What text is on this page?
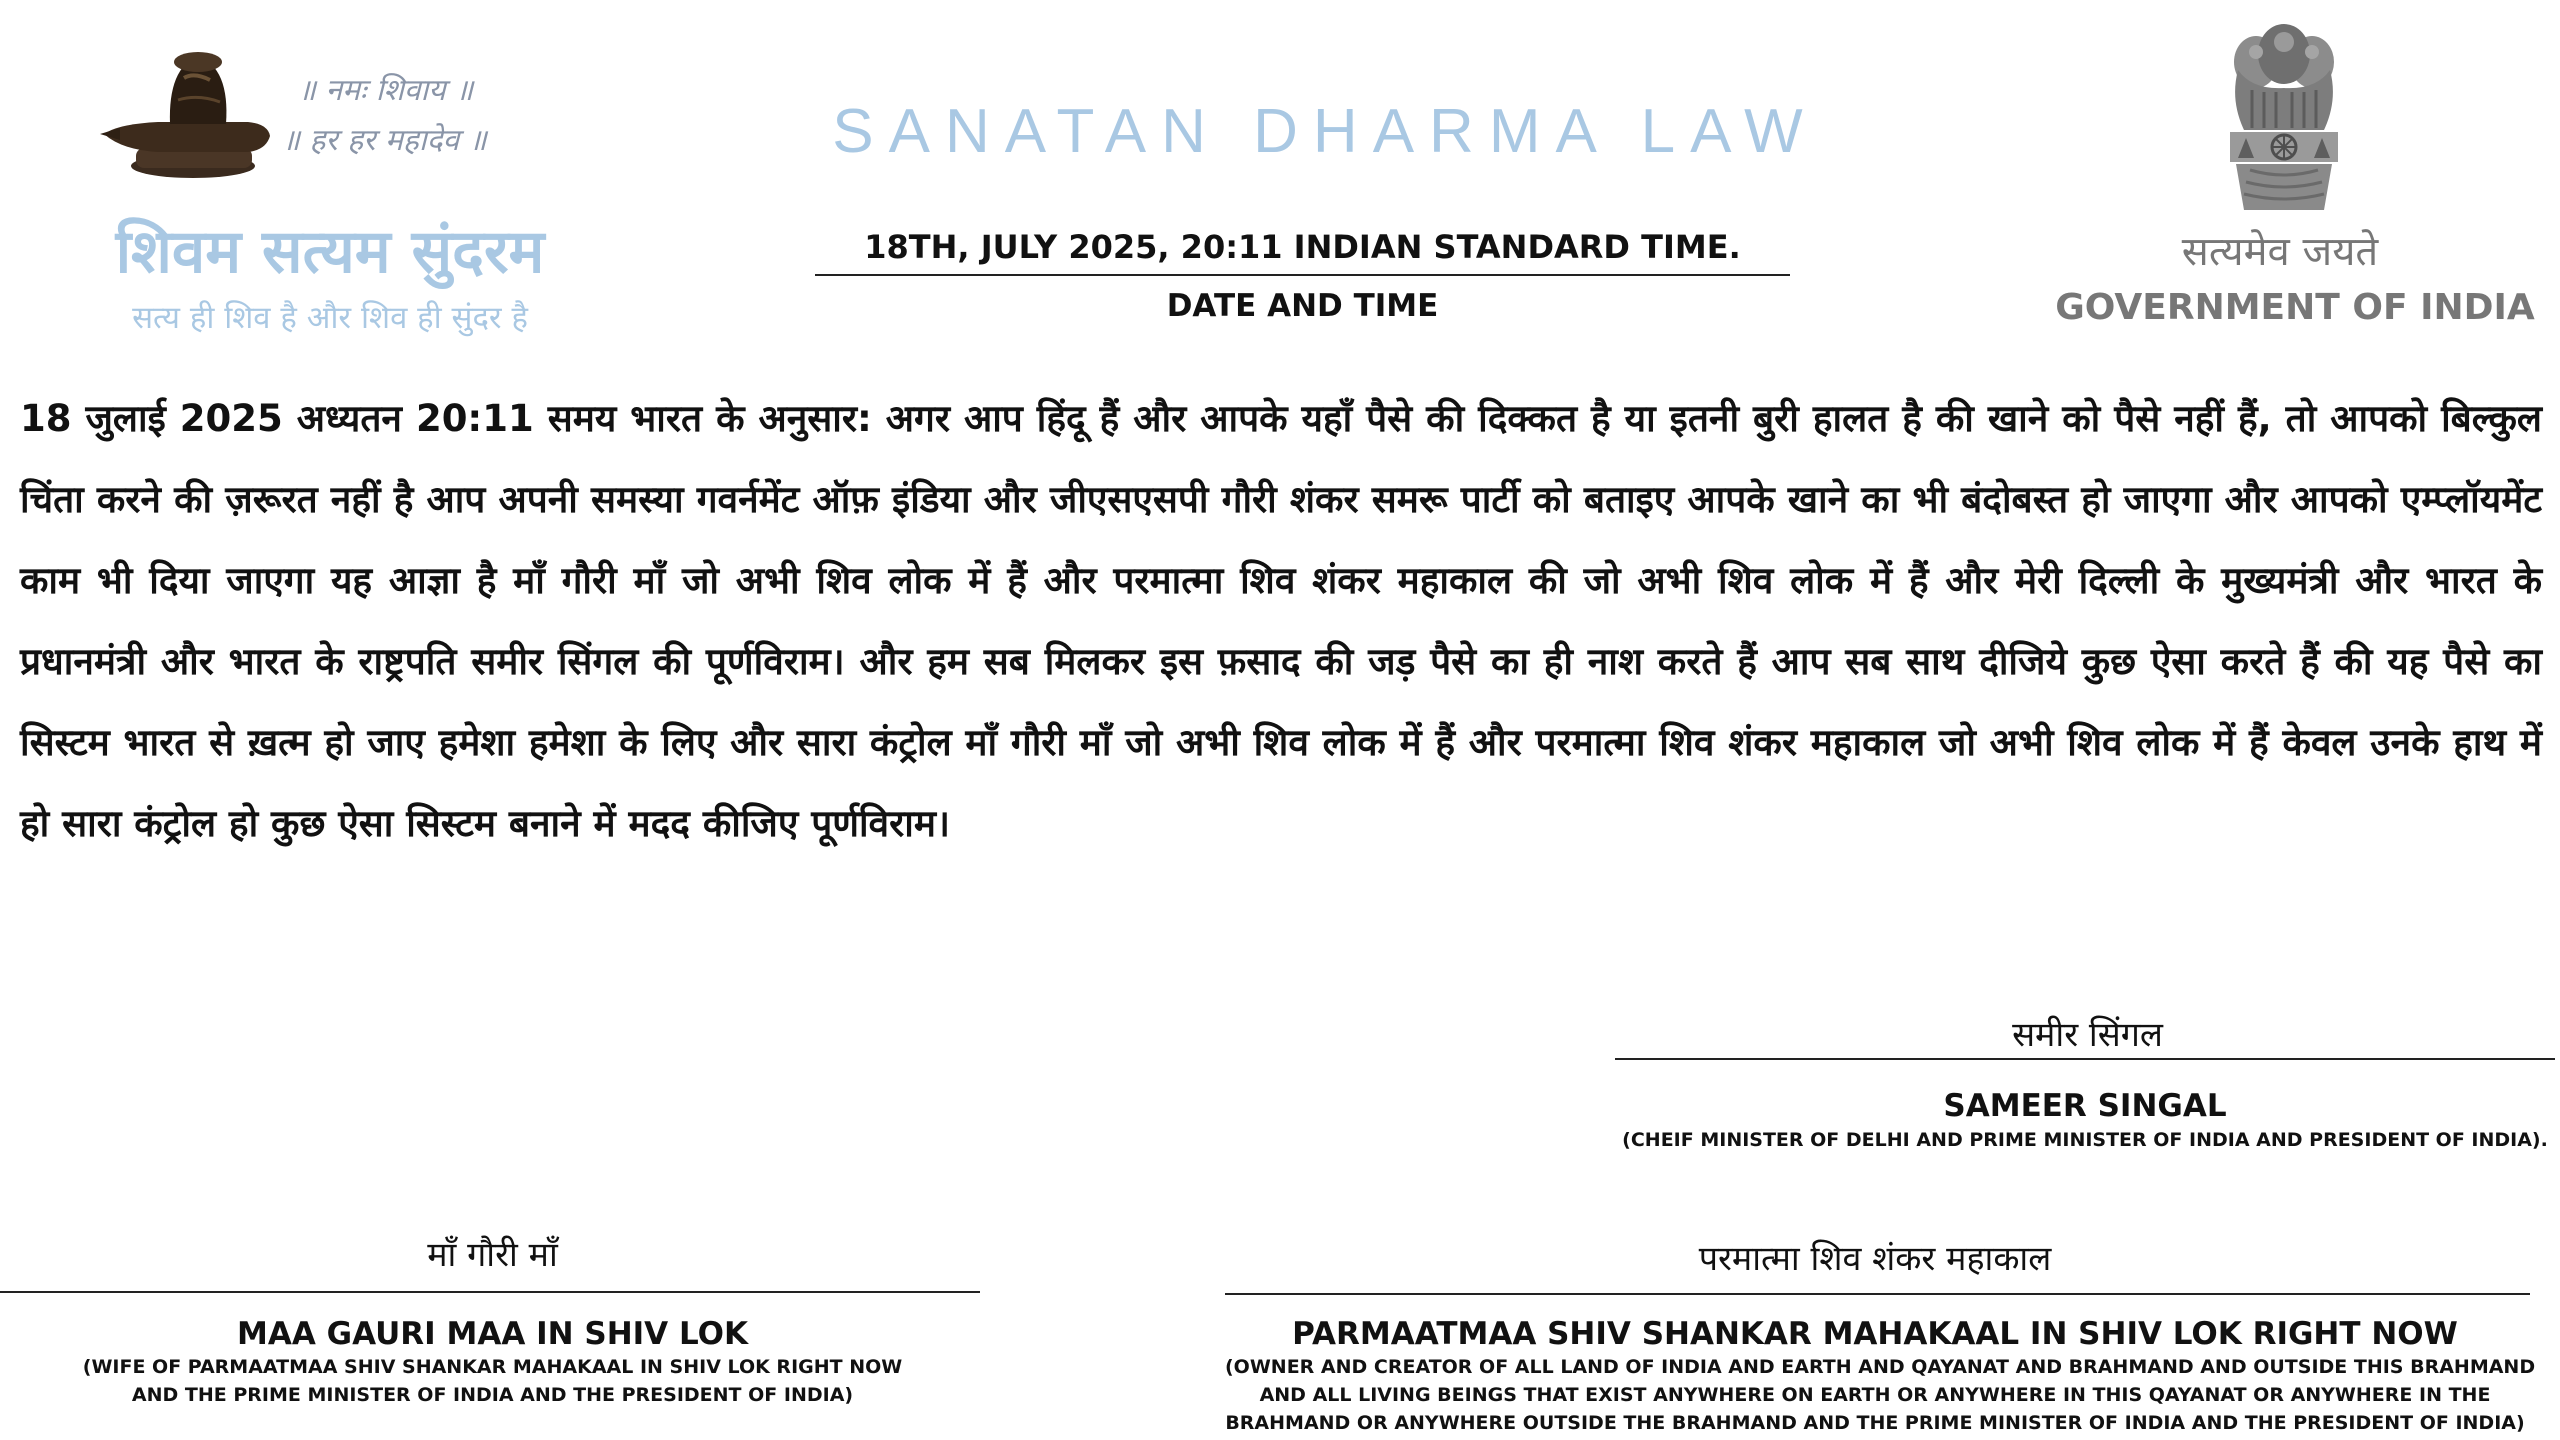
॥ नमः शिवाय ॥
॥ हर हर महादेव ॥
शिवम सत्यम सुंदरम
सत्य ही शिव है और शिव ही सुंदर है
SANATAN DHARMA LAW
18TH, JULY 2025, 20:11 INDIAN STANDARD TIME.
DATE AND TIME
सत्यमेव जयते
GOVERNMENT OF INDIA
18 जुलाई 2025 अध्यतन 20:11 समय भारत के अनुसार: अगर आप हिंदू हैं और आपके यहाँ पैसे की दिक्कत है या इतनी बुरी हालत है की खाने को पैसे नहीं हैं, तो आपको बिल्कुल चिंता करने की ज़रूरत नहीं है आप अपनी समस्या गवर्नमेंट ऑफ़ इंडिया और जीएसएसपी गौरी शंकर समरू पार्टी को बताइए आपके खाने का भी बंदोबस्त हो जाएगा और आपको एम्प्लॉयमेंट काम भी दिया जाएगा यह आज्ञा है माँ गौरी माँ जो अभी शिव लोक में हैं और परमात्मा शिव शंकर महाकाल की जो अभी शिव लोक में हैं और मेरी दिल्ली के मुख्यमंत्री और भारत के प्रधानमंत्री और भारत के राष्ट्रपति समीर सिंगल की पूर्णविराम। और हम सब मिलकर इस फ़साद की जड़ पैसे का ही नाश करते हैं आप सब साथ दीजिये कुछ ऐसा करते हैं की यह पैसे का सिस्टम भारत से ख़त्म हो जाए हमेशा हमेशा के लिए और सारा कंट्रोल माँ गौरी माँ जो अभी शिव लोक में हैं और परमात्मा शिव शंकर महाकाल जो अभी शिव लोक में हैं केवल उनके हाथ में हो सारा कंट्रोल हो कुछ ऐसा सिस्टम बनाने में मदद कीजिए पूर्णविराम।
समीर सिंगल
SAMEER SINGAL
(CHEIF MINISTER OF DELHI AND PRIME MINISTER OF INDIA AND PRESIDENT OF INDIA).
माँ गौरी माँ
MAA GAURI MAA IN SHIV LOK
(WIFE OF PARMAATMAA SHIV SHANKAR MAHAKAAL IN SHIV LOK RIGHT NOW
AND THE PRIME MINISTER OF INDIA AND THE PRESIDENT OF INDIA)
परमात्मा शिव शंकर महाकाल
PARMAATMAA SHIV SHANKAR MAHAKAAL IN SHIV LOK RIGHT NOW
(OWNER AND CREATOR OF ALL LAND OF INDIA AND EARTH AND QAYANAT AND BRAHMAND AND OUTSIDE THIS BRAHMAND
AND ALL LIVING BEINGS THAT EXIST ANYWHERE ON EARTH OR ANYWHERE IN THIS QAYANAT OR ANYWHERE IN THE
BRAHMAND OR ANYWHERE OUTSIDE THE BRAHMAND AND THE PRIME MINISTER OF INDIA AND THE PRESIDENT OF INDIA)
